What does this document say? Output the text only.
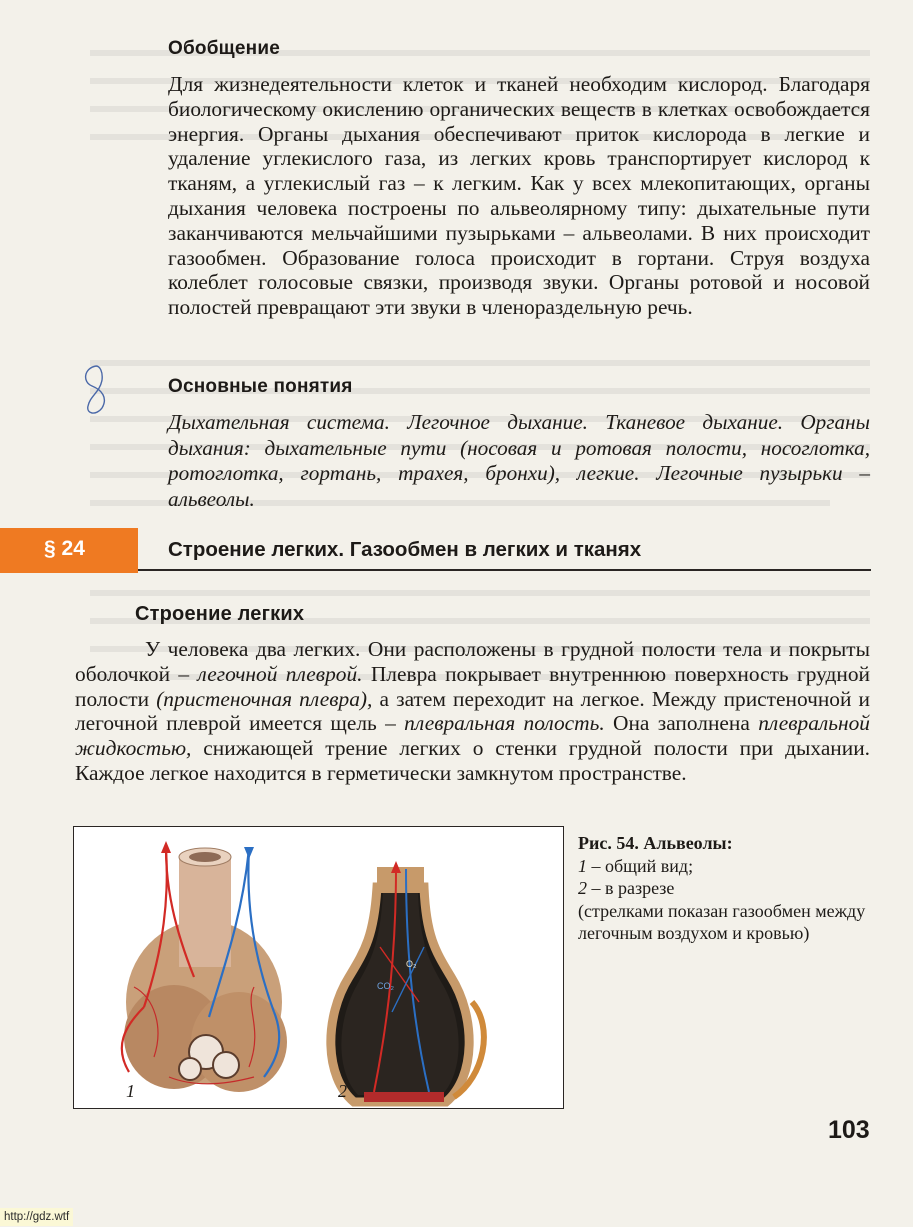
Обобщение
Для жизнедеятельности клеток и тканей необходим кислород. Благодаря биологическому окислению органических веществ в клетках освобождается энергия. Органы дыхания обеспечивают приток кислорода в легкие и удаление углекислого газа, из легких кровь транспортирует кислород к тканям, а углекислый газ – к легким. Как у всех млекопитающих, органы дыхания человека построены по альвеолярному типу: дыхательные пути заканчиваются мельчайшими пузырьками – альвеолами. В них происходит газообмен. Образование голоса происходит в гортани. Струя воздуха колеблет голосовые связки, производя звуки. Органы ротовой и носовой полостей превращают эти звуки в членораздельную речь.
Основные понятия
Дыхательная система. Легочное дыхание. Тканевое дыхание. Органы дыхания: дыхательные пути (носовая и ротовая полости, носоглотка, ротоглотка, гортань, трахея, бронхи), легкие. Легочные пузырьки – альвеолы.
§ 24	Строение легких. Газообмен в легких и тканях
Строение легких
У человека два легких. Они расположены в грудной полости тела и покрыты оболочкой – легочной плеврой. Плевра покрывает внутреннюю поверхность грудной полости (пристеночная плевра), а затем переходит на легкое. Между пристеночной и легочной плеврой имеется щель – плевральная полость. Она заполнена плевральной жидкостью, снижающей трение легких о стенки грудной полости при дыхании. Каждое легкое находится в герметически замкнутом пространстве.
1
O₂
CO₂
2
Рис. 54. Альвеолы:
1 – общий вид;
2 – в разрезе
(стрелками показан газообмен между легочным воздухом и кровью)
103
http://gdz.wtf
